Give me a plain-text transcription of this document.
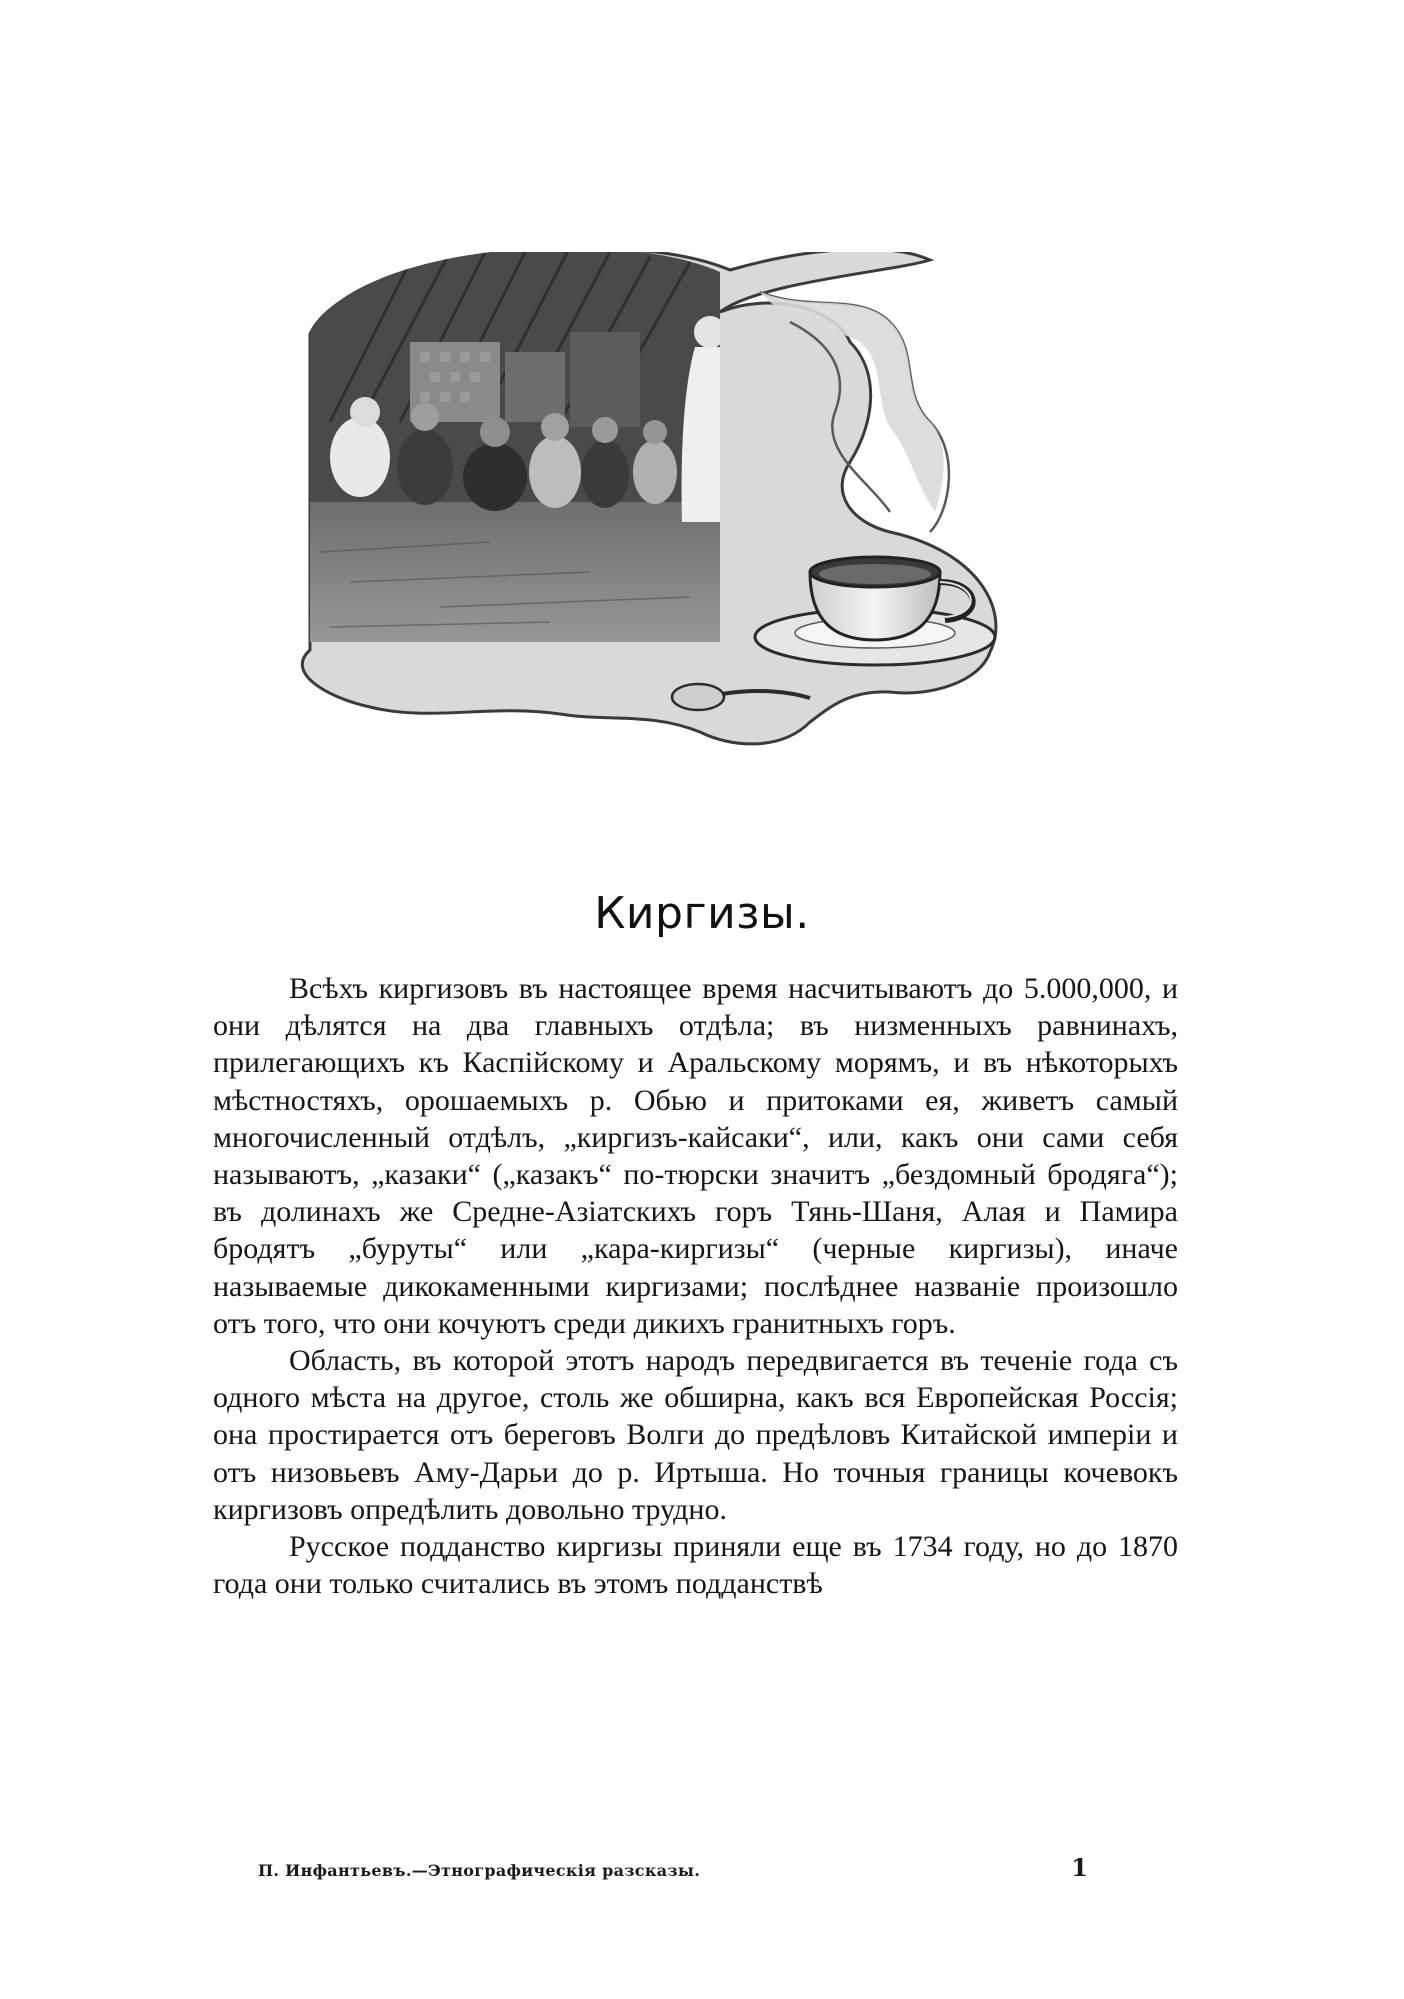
Киргизы.

Всѣхъ киргизовъ въ настоящее время насчитываютъ до 5.000,000, и они дѣлятся на два главныхъ отдѣла; въ низменныхъ равнинахъ, прилегающихъ къ Каспійскому и Аральскому морямъ, и въ нѣкоторыхъ мѣстностяхъ, орошаемыхъ р. Обью и притоками ея, живетъ самый многочисленный отдѣлъ, „киргизъ-кайсаки“, или, какъ они сами себя называютъ, „казаки“ („казакъ“ по-тюрски значитъ „бездомный бродяга“); въ долинахъ же Средне-Азіатскихъ горъ Тянь-Шаня, Алая и Памира бродятъ „буруты“ или „кара-киргизы“ (черные киргизы), иначе называемые дикокаменными киргизами; послѣднее названіе произошло отъ того, что они кочуютъ среди дикихъ гранитныхъ горъ.

Область, въ которой этотъ народъ передвигается въ теченіе года съ одного мѣста на другое, столь же обширна, какъ вся Европейская Россія; она простирается отъ береговъ Волги до предѣловъ Китайской имперіи и отъ низовьевъ Аму-Дарьи до р. Иртыша. Но точныя границы кочевокъ киргизовъ опредѣлить довольно трудно.

Русское подданство киргизы приняли еще въ 1734 году, но до 1870 года они только считались въ этомъ подданствѣ

П. Инфантьевъ.—Этнографическія разсказы.	1
